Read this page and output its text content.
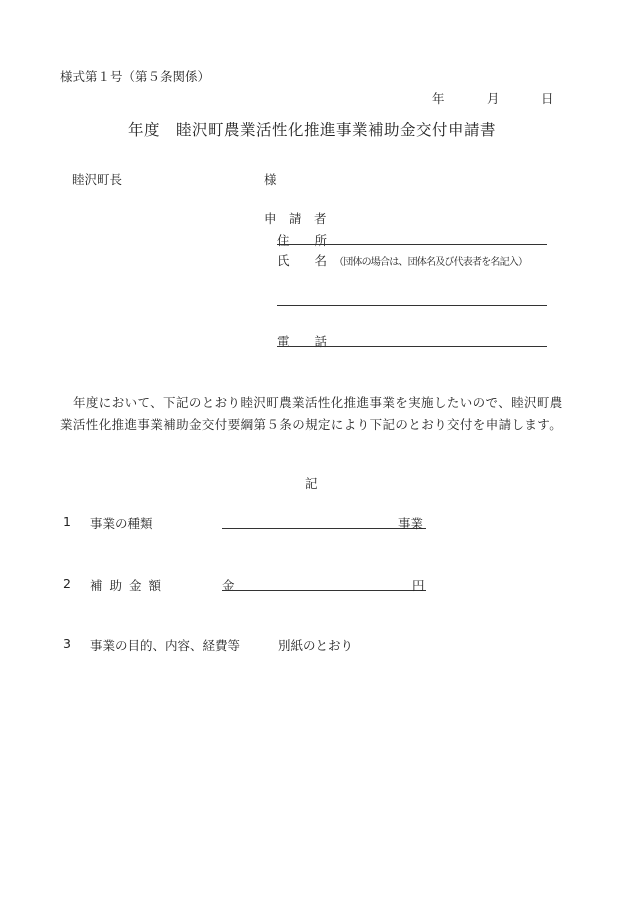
様式第１号（第５条関係）
年	月	日
年度　睦沢町農業活性化推進事業補助金交付申請書
睦沢町長	様
申　請　者
住　　所
氏　　名 （団体の場合は、団体名及び代表者を名記入）
電　　話
年度において、下記のとおり睦沢町農業活性化推進事業を実施したいので、睦沢町農業活性化推進事業補助金交付要綱第５条の規定により下記のとおり交付を申請します。
記
1 事業の種類	事業
2 補助金額	金	円
3 事業の目的、内容、経費等	別紙のとおり
